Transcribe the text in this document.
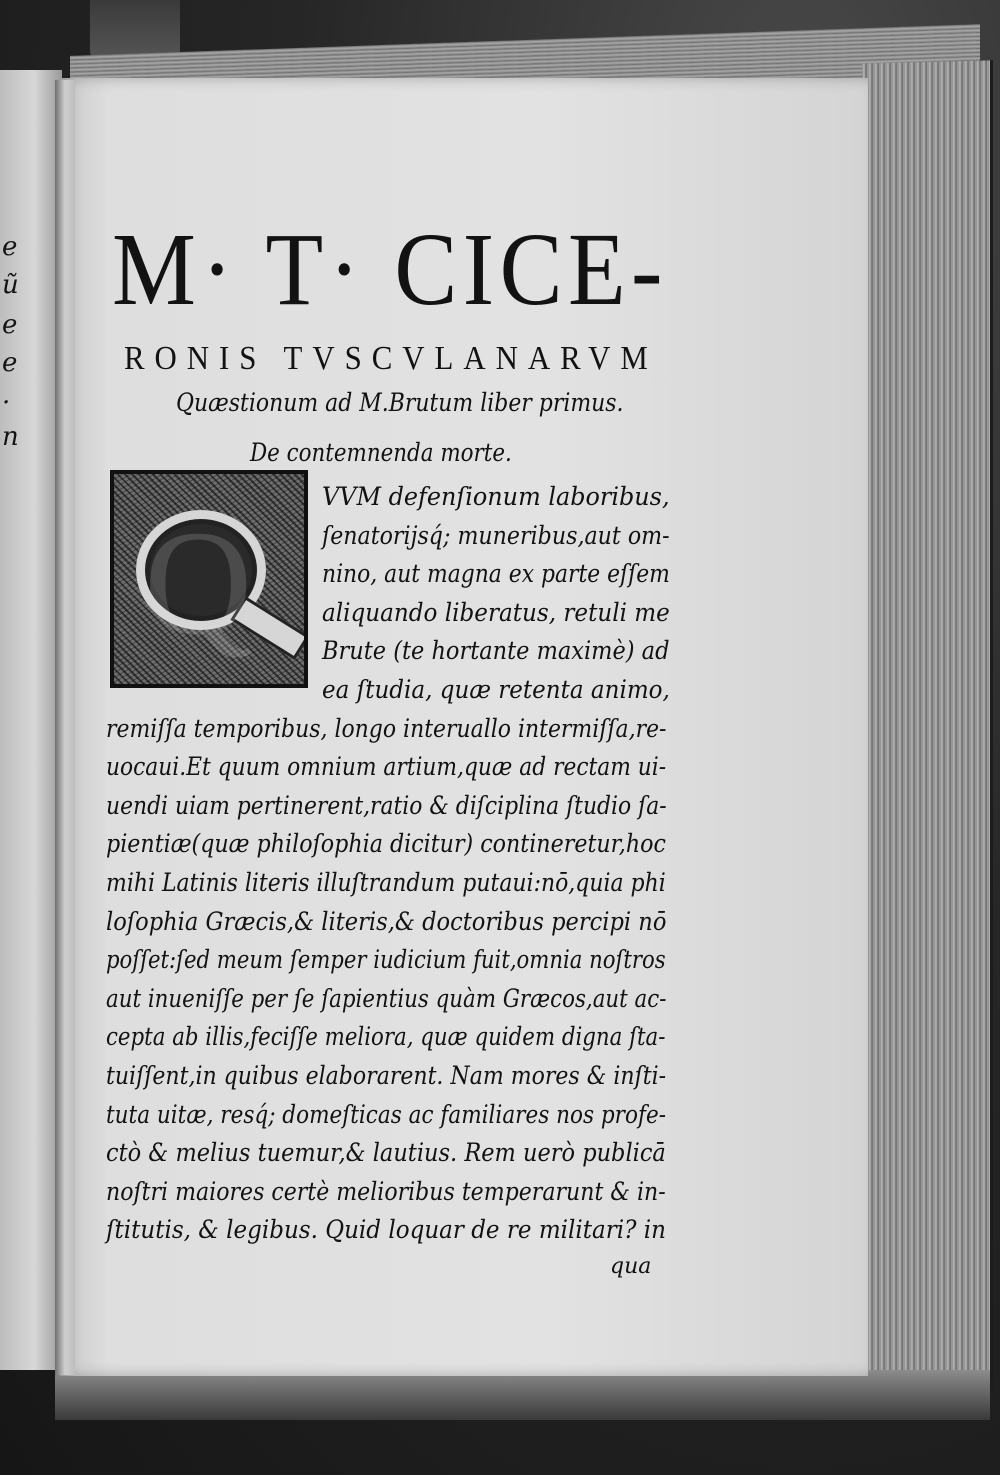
e
ũ
e
e
·
n
M· T· CICE-
RONIS TVSCVLANARVM
Quæstionum ad M.Brutum liber primus.
De contemnenda morte.
Q
VVM defenſionum laboribus,
ſenatorijsq́; muneribus,aut om-
nino, aut magna ex parte eſſem
aliquando liberatus, retuli me
Brute (te hortante maximè) ad
ea ſtudia, quæ retenta animo,
remiſſa temporibus, longo interuallo intermiſſa,re-
uocaui.Et quum omnium artium,quæ ad rectam ui-
uendi uiam pertinerent,ratio & diſciplina ſtudio ſa-
pientiæ(quæ philoſophia dicitur) contineretur,hoc
mihi Latinis literis illuſtrandum putaui:nō,quia phi
loſophia Græcis,& literis,& doctoribus percipi nō
poſſet:ſed meum ſemper iudicium fuit,omnia noſtros
aut inueniſſe per ſe ſapientius quàm Græcos,aut ac-
cepta ab illis,feciſſe meliora, quæ quidem digna ſta-
tuiſſent,in quibus elaborarent. Nam mores & inſti-
tuta uitæ, resq́; domeſticas ac familiares nos profe-
ctò & melius tuemur,& lautius. Rem uerò publicā
noſtri maiores certè melioribus temperarunt & in-
ſtitutis, & legibus. Quid loquar de re militari? in
qua
